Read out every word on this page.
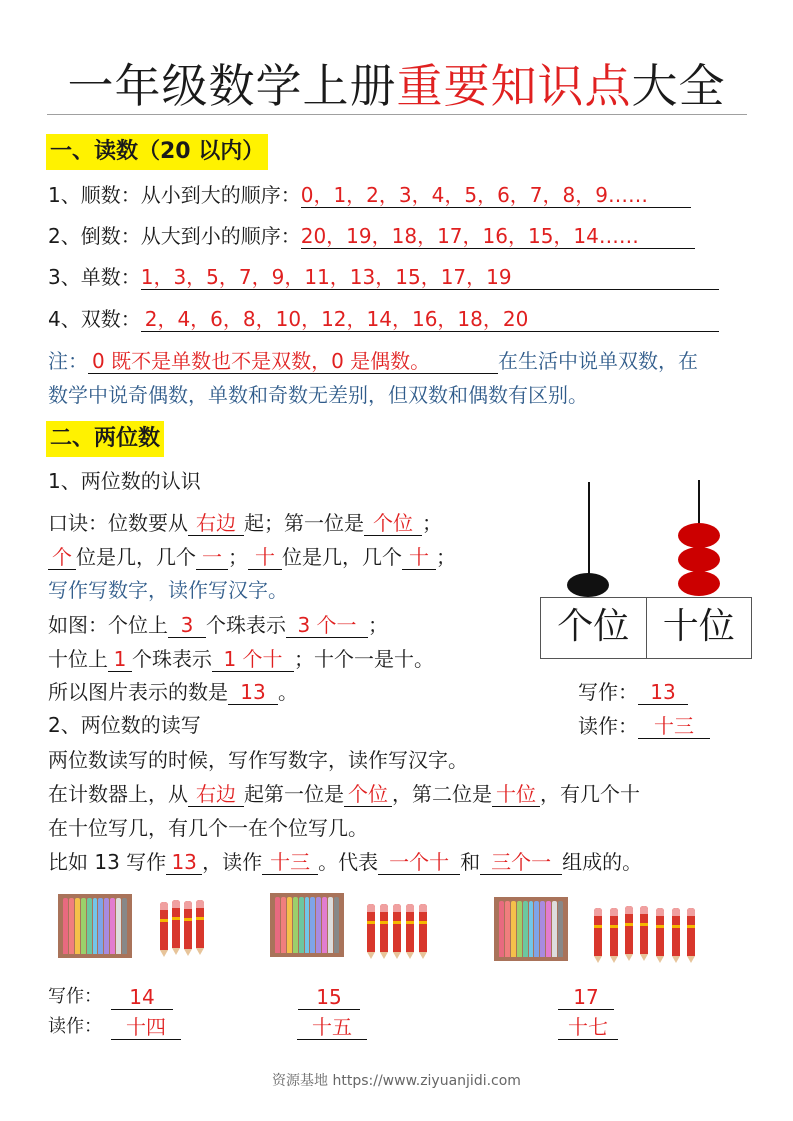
一年级数学上册重要知识点大全
一、读数（20 以内）
1、顺数：从小到大的顺序：0，1，2，3，4，5，6，7，8，9……
2、倒数：从大到小的顺序：20，19，18，17，16，15，14……
3、单数：1，3，5，7，9，11，13，15，17，19
4、双数： 2，4，6，8，10，12，14，16，18，20
注： 0 既不是单数也不是双数，0 是偶数。	在生活中说单双数，在
数学中说奇偶数，单数和奇数无差别，但双数和偶数有区别。
二、两位数
1、两位数的认识
口诀：位数要从 右边 起；第一位是 个位 ；
个 位是几，几个 一 ； 十 位是几，几个 十 ；
写作写数字，读作写汉字。
如图：个位上 3 个珠表示 3 个一 ；
十位上 1 个珠表示 1 个十 ；十个一是十。
所以图片表示的数是 13 。
2、两位数的读写
个位 十位
写作： 13
读作： 十三
两位数读写的时候，写作写数字，读作写汉字。
在计数器上，从 右边 起第一位是 个位 ，第二位是 十位 ，有几个十
在十位写几，有几个一在个位写几。
比如 13 写作 13 ，读作 十三 。代表 一个十 和 三个一 组成的。
写作：
读作：
14
十四
15
十五
17
十七
资源基地 https://www.ziyuanjidi.com
